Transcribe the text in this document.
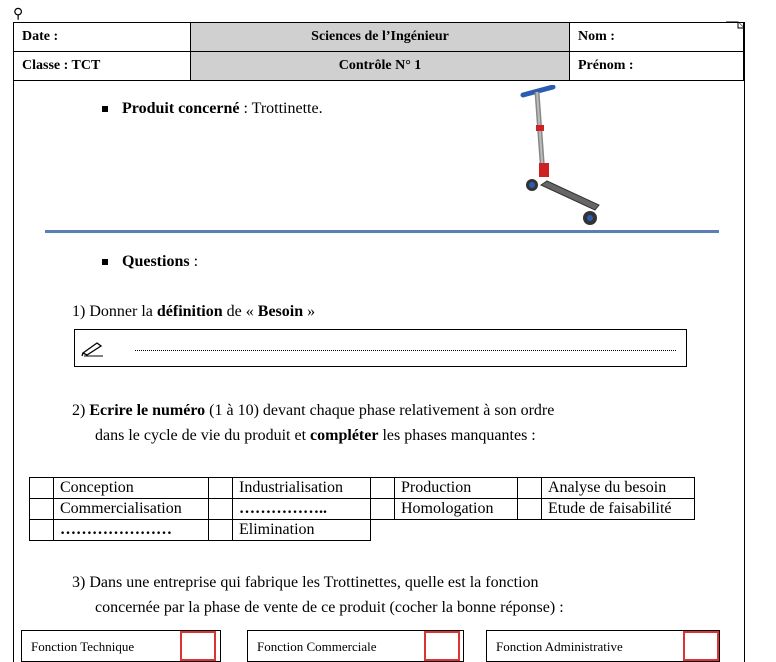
⚲
Date :	Sciences de l’Ingénieur	Nom :
Classe : TCT	Contrôle N° 1	Prénom :
Produit concerné : Trottinette.
Questions :
1) Donner la définition de « Besoin »
2) Ecrire le numéro (1 à 10) devant chaque phase relativement à son ordre
dans le cycle de vie du produit et compléter les phases manquantes :
	Conception		Industrialisation		Production		Analyse du besoin
	Commercialisation		……………..		Homologation		Etude de faisabilité
	…………………		Elimination				
3) Dans une entreprise qui fabrique les Trottinettes, quelle est la fonction
concernée par la phase de vente de ce produit (cocher la bonne réponse) :
Fonction Technique	Fonction Commerciale	Fonction Administrative
